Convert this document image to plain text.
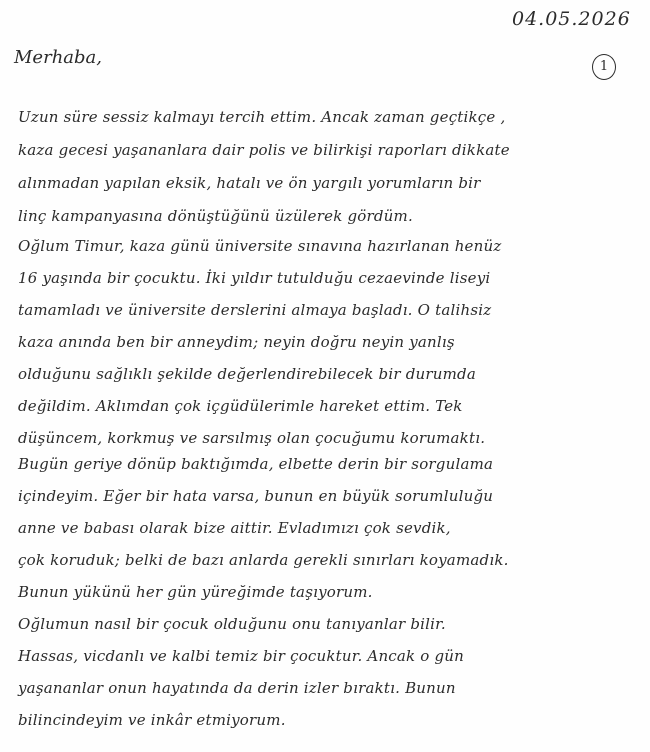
04.05.2026
Merhaba,	1
Uzun süre sessiz kalmayı tercih ettim. Ancak zaman geçtikçe ,
kaza gecesi yaşananlara dair polis ve bilirkişi raporları dikkate
alınmadan yapılan eksik, hatalı ve ön yargılı yorumların bir
linç kampanyasına dönüştüğünü üzülerek gördüm.
Oğlum Timur, kaza günü üniversite sınavına hazırlanan henüz
16 yaşında bir çocuktu. İki yıldır tutulduğu cezaevinde liseyi
tamamladı ve üniversite derslerini almaya başladı. O talihsiz
kaza anında ben bir anneydim; neyin doğru neyin yanlış
olduğunu sağlıklı şekilde değerlendirebilecek bir durumda
değildim. Aklımdan çok içgüdülerimle hareket ettim. Tek
düşüncem, korkmuş ve sarsılmış olan çocuğumu korumaktı.
Bugün geriye dönüp baktığımda, elbette derin bir sorgulama
içindeyim. Eğer bir hata varsa, bunun en büyük sorumluluğu
anne ve babası olarak bize aittir. Evladımızı çok sevdik,
çok koruduk; belki de bazı anlarda gerekli sınırları koyamadık.
Bunun yükünü her gün yüreğimde taşıyorum.
Oğlumun nasıl bir çocuk olduğunu onu tanıyanlar bilir.
Hassas, vicdanlı ve kalbi temiz bir çocuktur. Ancak o gün
yaşananlar onun hayatında da derin izler bıraktı. Bunun
bilincindeyim ve inkâr etmiyorum.
